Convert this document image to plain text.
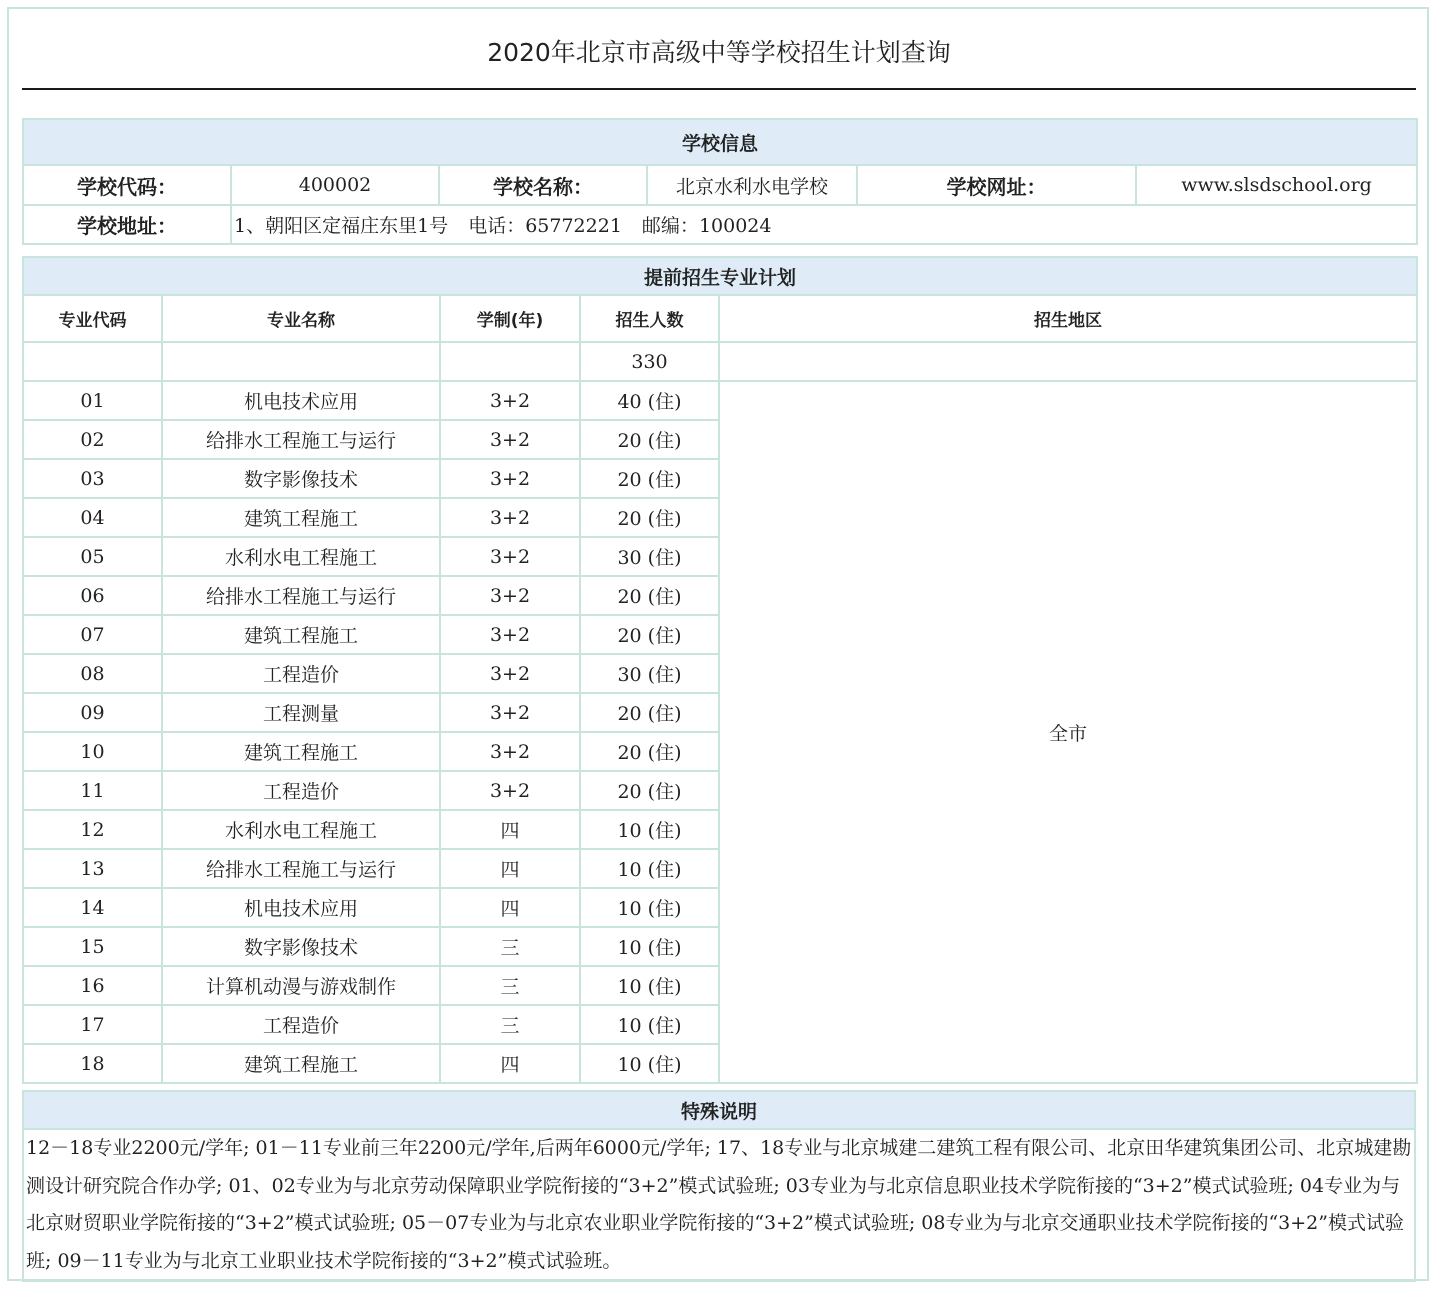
2020年北京市高级中等学校招生计划查询
学校信息					
学校代码：	400002	学校名称：	北京水利水电学校	学校网址：	www.slsdschool.org
学校地址：	1、朝阳区定福庄东里1号 电话：65772221 邮编：100024				
提前招生专业计划				
专业代码	专业名称	学制(年)	招生人数	招生地区
			330	
01	机电技术应用	3+2	40 (住)	全市
02	给排水工程施工与运行	3+2	20 (住)	
03	数字影像技术	3+2	20 (住)	
04	建筑工程施工	3+2	20 (住)	
05	水利水电工程施工	3+2	30 (住)	
06	给排水工程施工与运行	3+2	20 (住)	
07	建筑工程施工	3+2	20 (住)	
08	工程造价	3+2	30 (住)	
09	工程测量	3+2	20 (住)	
10	建筑工程施工	3+2	20 (住)	
11	工程造价	3+2	20 (住)	
12	水利水电工程施工	四	10 (住)	
13	给排水工程施工与运行	四	10 (住)	
14	机电技术应用	四	10 (住)	
15	数字影像技术	三	10 (住)	
16	计算机动漫与游戏制作	三	10 (住)	
17	工程造价	三	10 (住)	
18	建筑工程施工	四	10 (住)	
特殊说明
12－18专业2200元/学年; 01－11专业前三年2200元/学年,后两年6000元/学年; 17、18专业与北京城建二建筑工程有限公司、北京田华建筑集团公司、北京城建勘测设计研究院合作办学; 01、02专业为与北京劳动保障职业学院衔接的“3+2”模式试验班; 03专业为与北京信息职业技术学院衔接的“3+2”模式试验班; 04专业为与北京财贸职业学院衔接的“3+2”模式试验班; 05－07专业为与北京农业职业学院衔接的“3+2”模式试验班; 08专业为与北京交通职业技术学院衔接的“3+2”模式试验班; 09－11专业为与北京工业职业技术学院衔接的“3+2”模式试验班。
